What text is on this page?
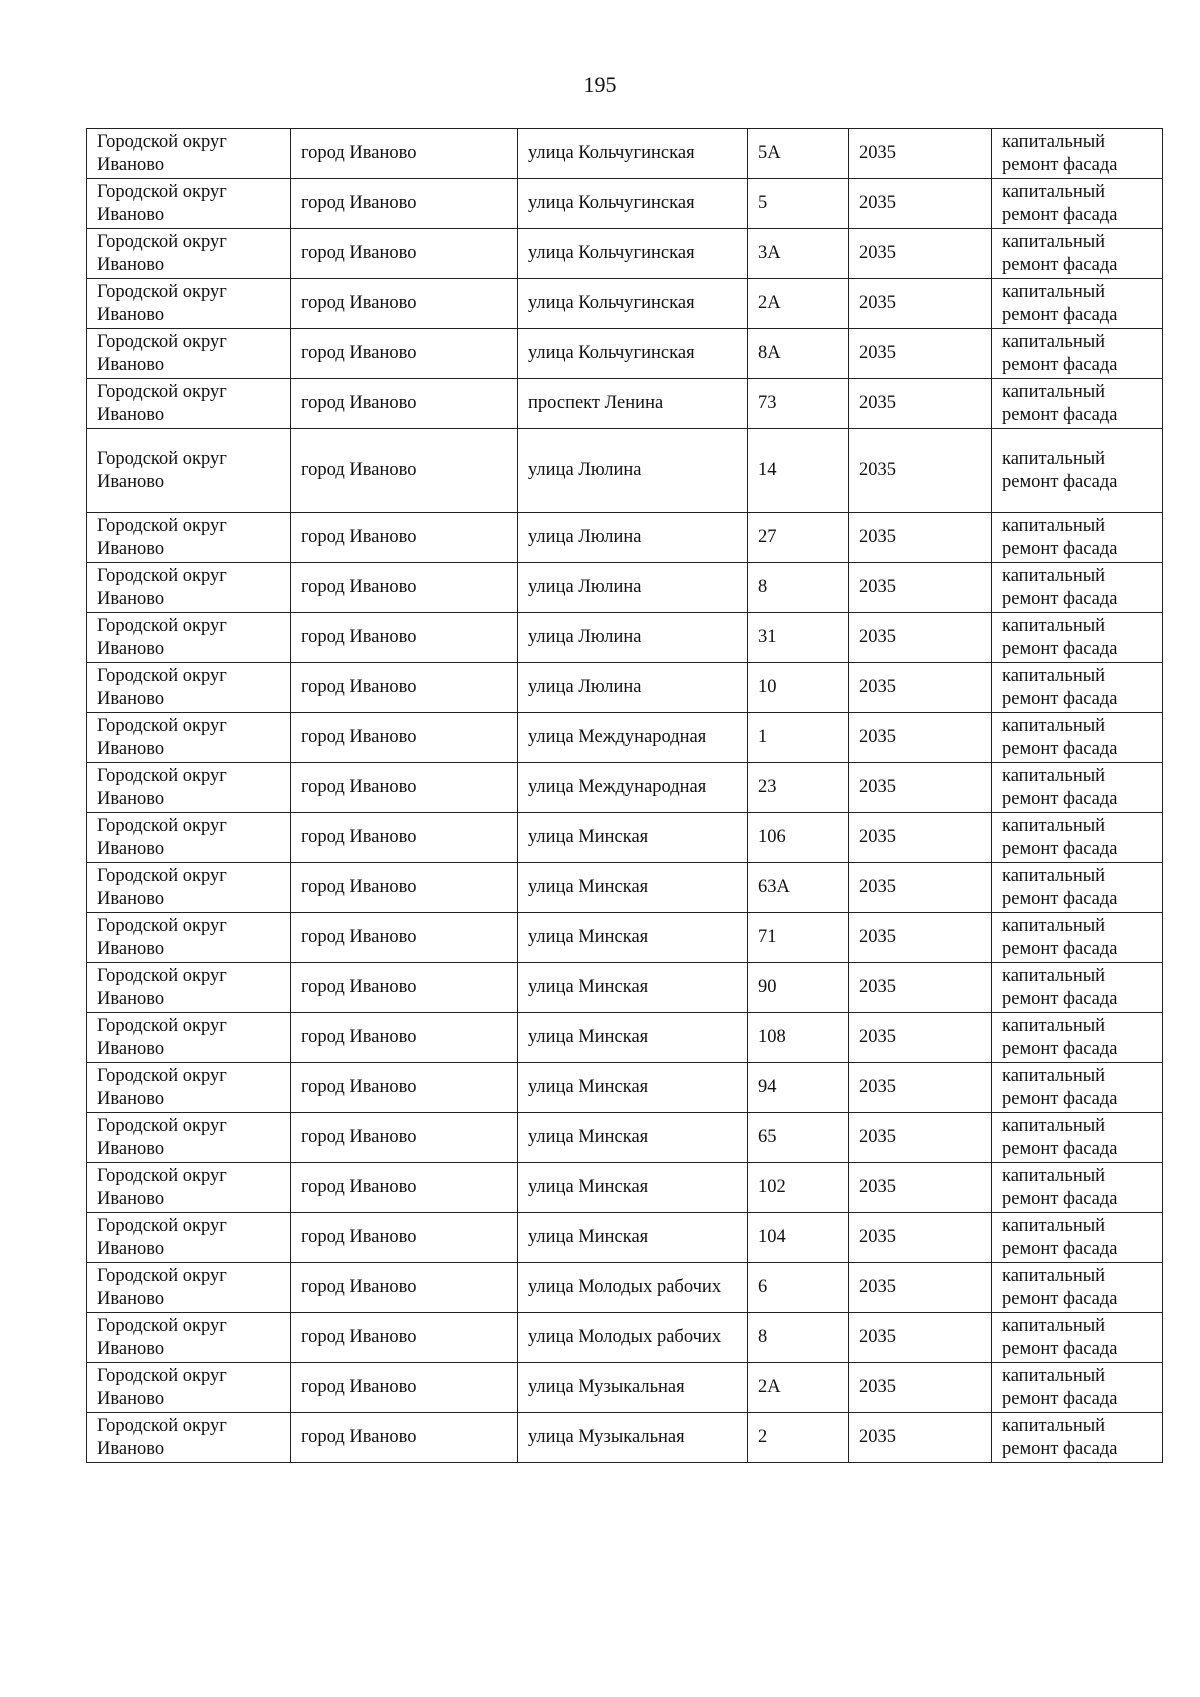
195
Городской округ Иваново	город Иваново	улица Кольчугинская	5А	2035	капитальный ремонт фасада
Городской округ Иваново	город Иваново	улица Кольчугинская	5	2035	капитальный ремонт фасада
Городской округ Иваново	город Иваново	улица Кольчугинская	3А	2035	капитальный ремонт фасада
Городской округ Иваново	город Иваново	улица Кольчугинская	2А	2035	капитальный ремонт фасада
Городской округ Иваново	город Иваново	улица Кольчугинская	8А	2035	капитальный ремонт фасада
Городской округ Иваново	город Иваново	проспект Ленина	73	2035	капитальный ремонт фасада
Городской округ Иваново	город Иваново	улица Люлина	14	2035	капитальный ремонт фасада
Городской округ Иваново	город Иваново	улица Люлина	27	2035	капитальный ремонт фасада
Городской округ Иваново	город Иваново	улица Люлина	8	2035	капитальный ремонт фасада
Городской округ Иваново	город Иваново	улица Люлина	31	2035	капитальный ремонт фасада
Городской округ Иваново	город Иваново	улица Люлина	10	2035	капитальный ремонт фасада
Городской округ Иваново	город Иваново	улица Международная	1	2035	капитальный ремонт фасада
Городской округ Иваново	город Иваново	улица Международная	23	2035	капитальный ремонт фасада
Городской округ Иваново	город Иваново	улица Минская	106	2035	капитальный ремонт фасада
Городской округ Иваново	город Иваново	улица Минская	63А	2035	капитальный ремонт фасада
Городской округ Иваново	город Иваново	улица Минская	71	2035	капитальный ремонт фасада
Городской округ Иваново	город Иваново	улица Минская	90	2035	капитальный ремонт фасада
Городской округ Иваново	город Иваново	улица Минская	108	2035	капитальный ремонт фасада
Городской округ Иваново	город Иваново	улица Минская	94	2035	капитальный ремонт фасада
Городской округ Иваново	город Иваново	улица Минская	65	2035	капитальный ремонт фасада
Городской округ Иваново	город Иваново	улица Минская	102	2035	капитальный ремонт фасада
Городской округ Иваново	город Иваново	улица Минская	104	2035	капитальный ремонт фасада
Городской округ Иваново	город Иваново	улица Молодых рабочих	6	2035	капитальный ремонт фасада
Городской округ Иваново	город Иваново	улица Молодых рабочих	8	2035	капитальный ремонт фасада
Городской округ Иваново	город Иваново	улица Музыкальная	2А	2035	капитальный ремонт фасада
Городской округ Иваново	город Иваново	улица Музыкальная	2	2035	капитальный ремонт фасада
